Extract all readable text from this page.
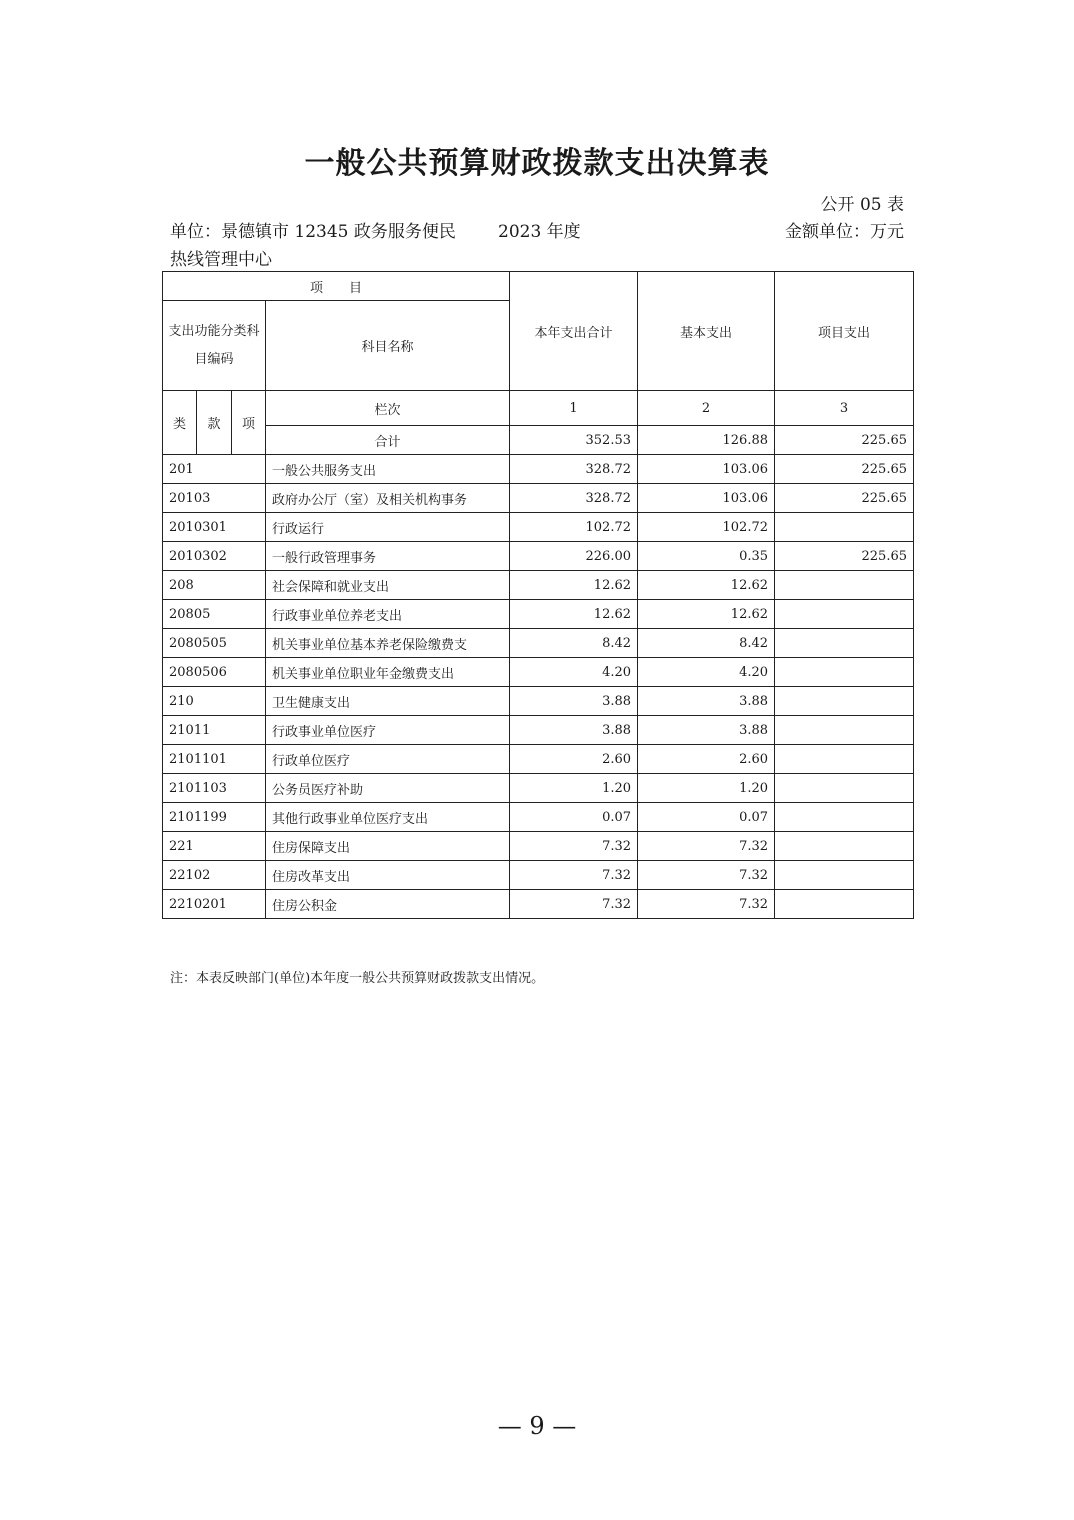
一般公共预算财政拨款支出决算表
公开 05 表
单位：景德镇市 12345 政务服务便民热线管理中心
2023 年度	金额单位：万元
项　　目				本年支出合计	基本支出	项目支出
支出功能分类科目编码			科目名称			
类	款	项	栏次	1	2	3
			合计	352.53	126.88	225.65
201			一般公共服务支出	328.72	103.06	225.65
20103			政府办公厅（室）及相关机构事务	328.72	103.06	225.65
2010301			行政运行	102.72	102.72	
2010302			一般行政管理事务	226.00	0.35	225.65
208			社会保障和就业支出	12.62	12.62	
20805			行政事业单位养老支出	12.62	12.62	
2080505			机关事业单位基本养老保险缴费支	8.42	8.42	
2080506			机关事业单位职业年金缴费支出	4.20	4.20	
210			卫生健康支出	3.88	3.88	
21011			行政事业单位医疗	3.88	3.88	
2101101			行政单位医疗	2.60	2.60	
2101103			公务员医疗补助	1.20	1.20	
2101199			其他行政事业单位医疗支出	0.07	0.07	
221			住房保障支出	7.32	7.32	
22102			住房改革支出	7.32	7.32	
2210201			住房公积金	7.32	7.32	
注：本表反映部门(单位)本年度一般公共预算财政拨款支出情况。
— 9 —
